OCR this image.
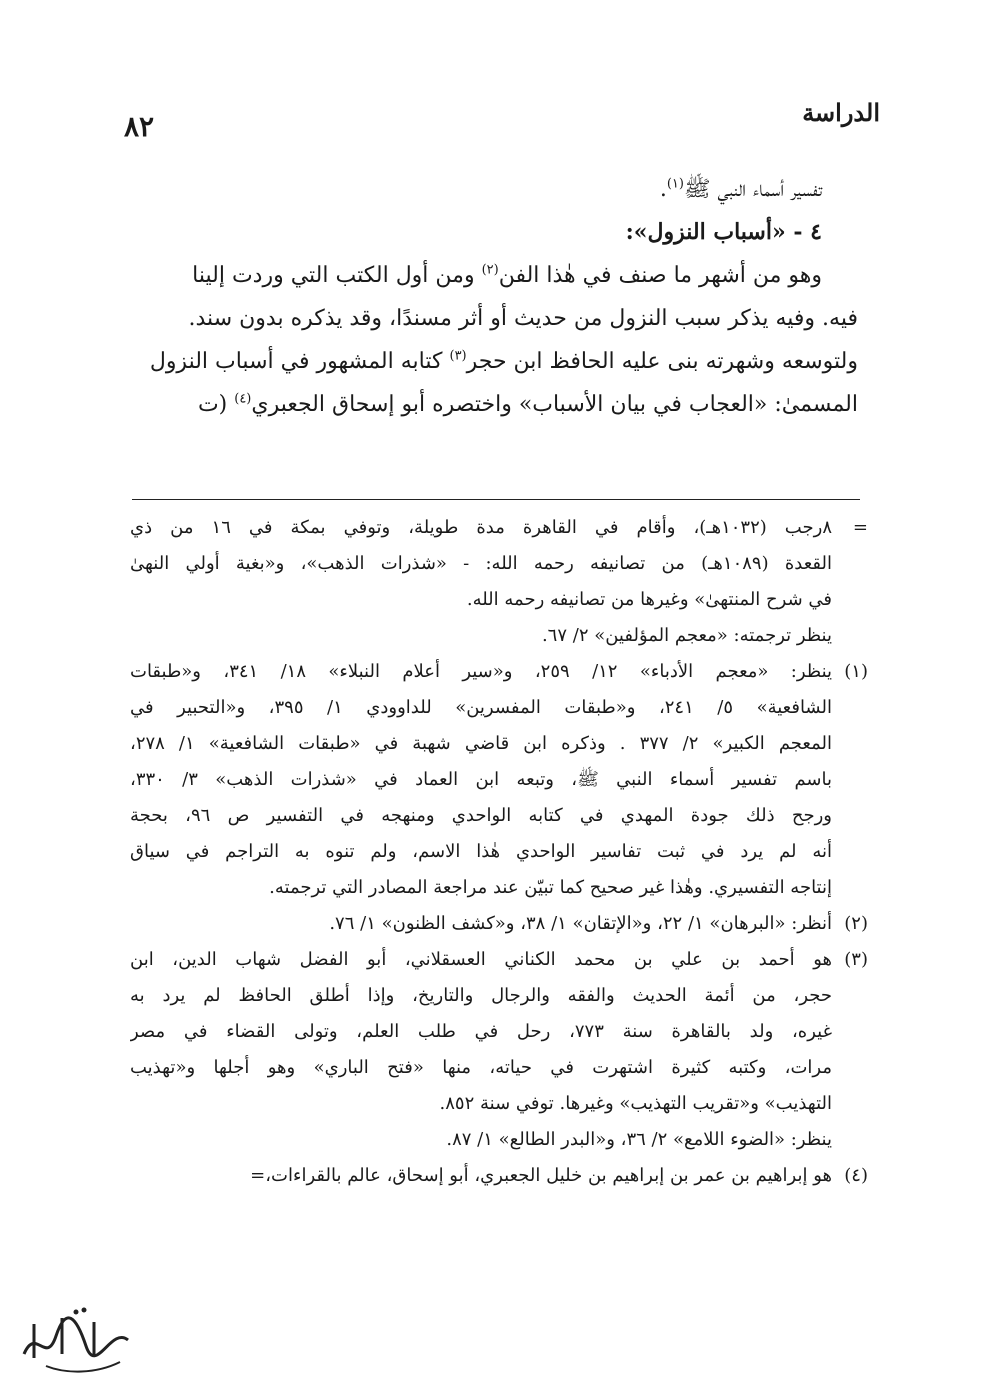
الدراسة
٨٢

تفسير أسماء النبي ﷺ$^{(١)}$.

٤ - «أسباب النزول»:

وهو من أشهر ما صنف في هٰذا الفن$^{(٢)}$ ومن أول الكتب التي وردت إلينا

فيه. وفيه يذكر سبب النزول من حديث أو أثر مسندًا، وقد يذكره بدون سند.

ولتوسعه وشهرته بنى عليه الحافظ ابن حجر$^{(٣)}$ كتابه المشهور في أسباب النزول

المسمىٰ: «العجاب في بيان الأسباب» واختصره أبو إسحاق الجعبري$^{(٤)}$ (ت

=
٨رجب (١٠٣٢هـ)، وأقام في القاهرة مدة طويلة، وتوفي بمكة في ١٦ من ذي
القعدة (١٠٨٩هـ) من تصانيفه رحمه الله: - «شذرات الذهب»، و«بغية أولي النهىٰ
في شرح المنتهىٰ» وغيرها من تصانيفه رحمه الله.
ينظر ترجمته: «معجم المؤلفين» ٢/ ٦٧.
(١)
ينظر: «معجم الأدباء» ١٢/ ٢٥٩، و«سير أعلام النبلاء» ١٨/ ٣٤١، و«طبقات
الشافعية» ٥/ ٢٤١، و«طبقات المفسرين» للداوودي ١/ ٣٩٥، و«التحبير في
المعجم الكبير» ٢/ ٣٧٧ . وذكره ابن قاضي شهبة في «طبقات الشافعية» ١/ ٢٧٨،
باسم تفسير أسماء النبي ﷺ، وتبعه ابن العماد في «شذرات الذهب» ٣/ ٣٣٠،
ورجح ذلك جودة المهدي في كتابه الواحدي ومنهجه في التفسير ص ٩٦، بحجة
أنه لم يرد في ثبت تفاسير الواحدي هٰذا الاسم، ولم تنوه به التراجم في سياق
إنتاجه التفسيري. وهٰذا غير صحيح كما تبيّن عند مراجعة المصادر التي ترجمته.
(٢)
أنظر: «البرهان» ١/ ٢٢، و«الإتقان» ١/ ٣٨، و«كشف الظنون» ١/ ٧٦.
(٣)
هو أحمد بن علي بن محمد الكناني العسقلاني، أبو الفضل شهاب الدين، ابن
حجر، من أئمة الحديث والفقه والرجال والتاريخ، وإذا أطلق الحافظ لم يرد به
غيره، ولد بالقاهرة سنة ٧٧٣، رحل في طلب العلم، وتولى القضاء في مصر
مرات، وكتبه كثيرة اشتهرت في حياته، منها «فتح الباري» وهو أجلها و«تهذيب
التهذيب» و«تقريب التهذيب» وغيرها. توفي سنة ٨٥٢.
ينظر: «الضوء اللامع» ٢/ ٣٦، و«البدر الطالع» ١/ ٨٧.
(٤)
هو إبراهيم بن عمر بن إبراهيم بن خليل الجعبري، أبو إسحاق، عالم بالقراءات،=
